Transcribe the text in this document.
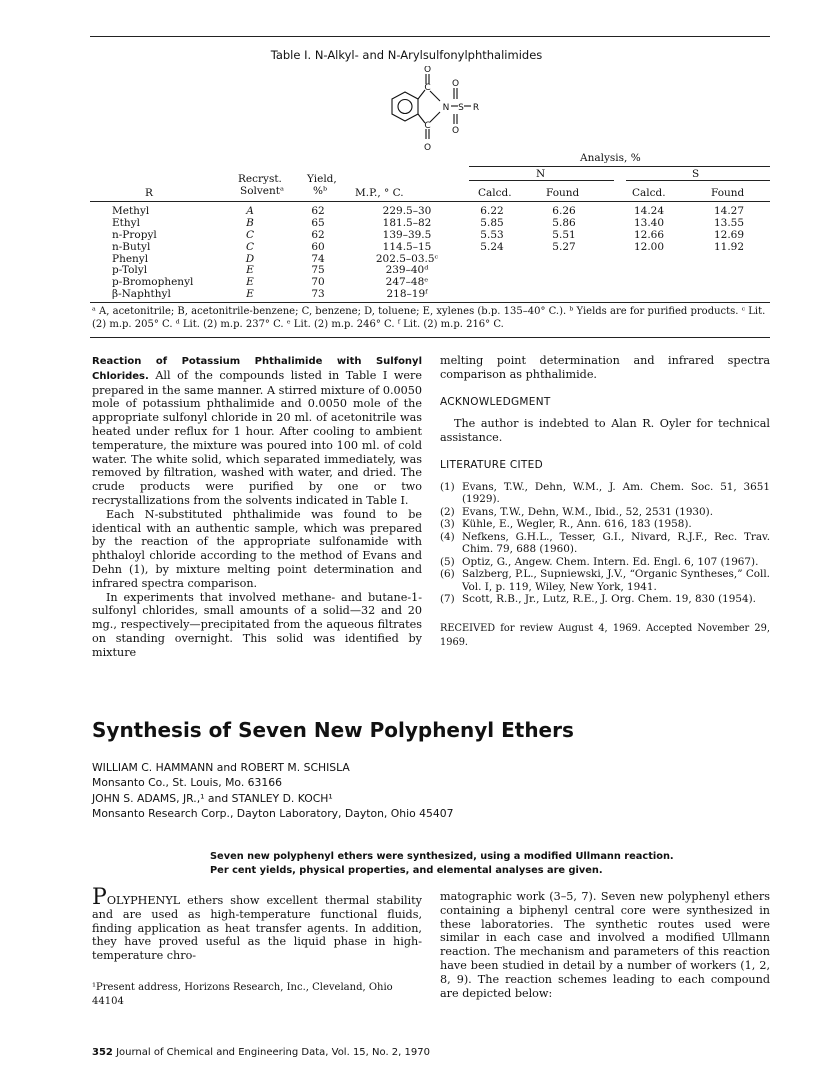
Table I. N-Alkyl- and N-Arylsulfonylphthalimides
O
C
C
O
N
O
S
O
R
Analysis, %
N	S
Recryst.
Solventᵃ
Yield,
%ᵇ
R	M.P., ° C.	Calcd.	Found	Calcd.	Found
Methyl	A	62	229.5–30	6.22	6.26	14.24	14.27
Ethyl	B	65	181.5–82	5.85	5.86	13.40	13.55
n-Propyl	C	62	139–39.5	5.53	5.51	12.66	12.69
n-Butyl	C	60	114.5–15	5.24	5.27	12.00	11.92
Phenyl	D	74	202.5–03.5ᶜ
p-Tolyl	E	75	239–40ᵈ
p-Bromophenyl	E	70	247–48ᵉ
β-Naphthyl	E	73	218–19ᶠ
ᵃ A, acetonitrile; B, acetonitrile-benzene; C, benzene; D, toluene; E, xylenes (b.p. 135–40° C.). ᵇ Yields are for purified products. ᶜ Lit.
(2) m.p. 205° C. ᵈ Lit. (2) m.p. 237° C. ᵉ Lit. (2) m.p. 246° C. ᶠ Lit. (2) m.p. 216° C.

Reaction of Potassium Phthalimide with Sulfonyl Chlorides. All of the compounds listed in Table I were prepared in the same manner. A stirred mixture of 0.0050 mole of potassium phthalimide and 0.0050 mole of the appropriate sulfonyl chloride in 20 ml. of acetonitrile was heated under reflux for 1 hour. After cooling to ambient temperature, the mixture was poured into 100 ml. of cold water. The white solid, which separated immediately, was removed by filtration, washed with water, and dried. The crude products were purified by one or two recrystallizations from the solvents indicated in Table I.

Each N-substituted phthalimide was found to be identical with an authentic sample, which was prepared by the reaction of the appropriate sulfonamide with phthaloyl chloride according to the method of Evans and Dehn (1), by mixture melting point determination and infrared spectra comparison.

In experiments that involved methane- and butane-1-sulfonyl chlorides, small amounts of a solid—32 and 20 mg., respectively—precipitated from the aqueous filtrates on standing overnight. This solid was identified by mixture

melting point determination and infrared spectra comparison as phthalimide.

ACKNOWLEDGMENT

The author is indebted to Alan R. Oyler for technical assistance.

LITERATURE CITED
(1) Evans, T.W., Dehn, W.M., J. Am. Chem. Soc. 51, 3651 (1929).
(2) Evans, T.W., Dehn, W.M., Ibid., 52, 2531 (1930).
(3) Kühle, E., Wegler, R., Ann. 616, 183 (1958).
(4) Nefkens, G.H.L., Tesser, G.I., Nivard, R.J.F., Rec. Trav. Chim. 79, 688 (1960).
(5) Optiz, G., Angew. Chem. Intern. Ed. Engl. 6, 107 (1967).
(6) Salzberg, P.L., Supniewski, J.V., “Organic Syntheses,” Coll. Vol. I, p. 119, Wiley, New York, 1941.
(7) Scott, R.B., Jr., Lutz, R.E., J. Org. Chem. 19, 830 (1954).
RECEIVED for review August 4, 1969. Accepted November 29, 1969.
Synthesis of Seven New Polyphenyl Ethers
WILLIAM C. HAMMANN and ROBERT M. SCHISLA
Monsanto Co., St. Louis, Mo. 63166
JOHN S. ADAMS, JR.,¹ and STANLEY D. KOCH¹
Monsanto Research Corp., Dayton Laboratory, Dayton, Ohio 45407
Seven new polyphenyl ethers were synthesized, using a modified Ullmann reaction.
Per cent yields, physical properties, and elemental analyses are given.

POLYPHENYL ethers show excellent thermal stability and are used as high-temperature functional fluids, finding application as heat transfer agents. In addition, they have proved useful as the liquid phase in high-temperature chro-

¹Present address, Horizons Research, Inc., Cleveland, Ohio 44104

matographic work (3–5, 7). Seven new polyphenyl ethers containing a biphenyl central core were synthesized in these laboratories. The synthetic routes used were similar in each case and involved a modified Ullmann reaction. The mechanism and parameters of this reaction have been studied in detail by a number of workers (1, 2, 8, 9). The reaction schemes leading to each compound are depicted below:

352 Journal of Chemical and Engineering Data, Vol. 15, No. 2, 1970
